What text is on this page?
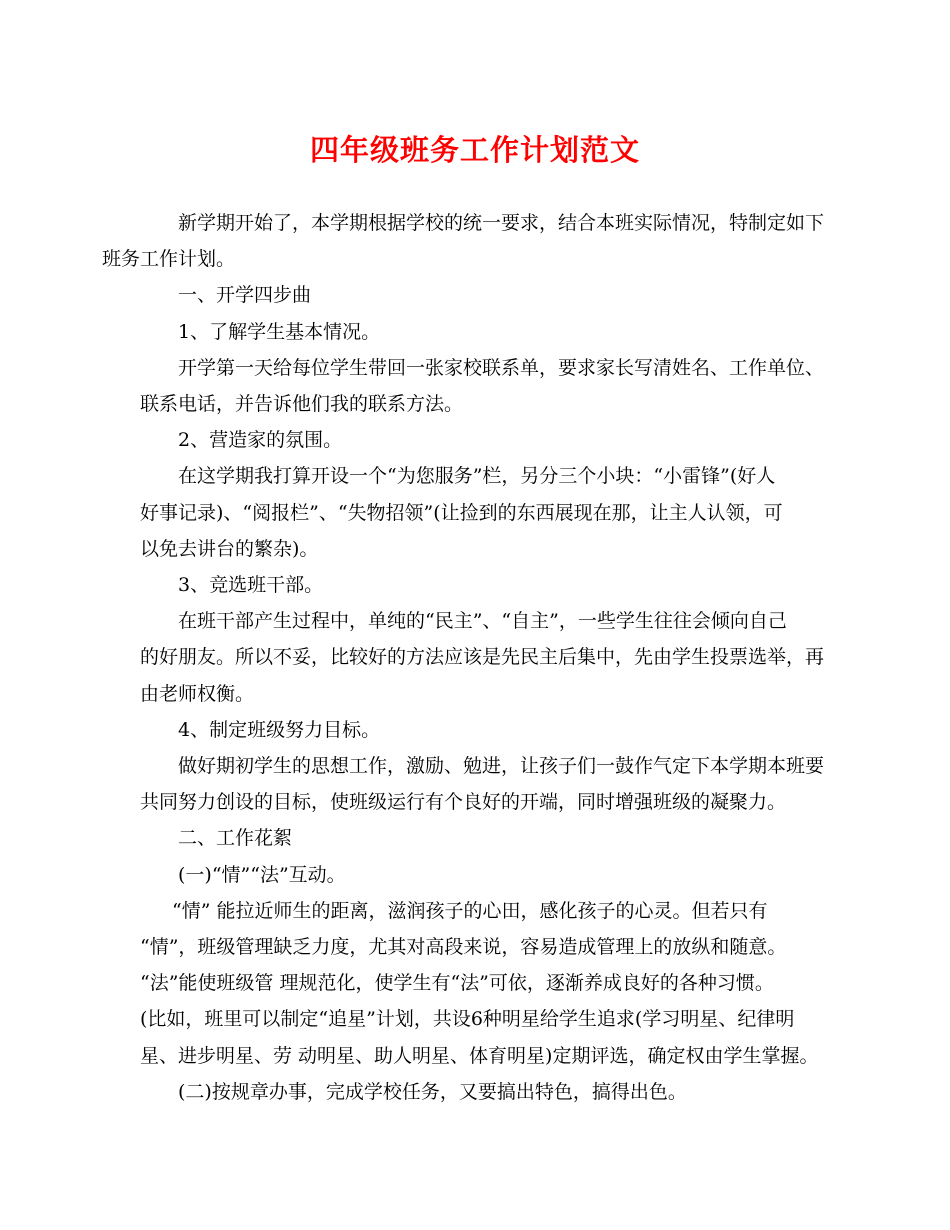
四年级班务工作计划范文

新学期开始了，本学期根据学校的统一要求，结合本班实际情况，特制定如下
班务工作计划。

一、开学四步曲

1、了解学生基本情况。

开学第一天给每位学生带回一张家校联系单，要求家长写清姓名、工作单位、
联系电话，并告诉他们我的联系方法。

2、营造家的氛围。

在这学期我打算开设一个“为您服务”栏，另分三个小块：“小雷锋”(好人
好事记录)、“阅报栏”、“失物招领”(让捡到的东西展现在那，让主人认领，可
以免去讲台的繁杂)。

3、竞选班干部。

在班干部产生过程中，单纯的“民主”、“自主”，一些学生往往会倾向自己
的好朋友。所以不妥，比较好的方法应该是先民主后集中，先由学生投票选举，再
由老师权衡。

4、制定班级努力目标。

做好期初学生的思想工作，激励、勉进，让孩子们一鼓作气定下本学期本班要
共同努力创设的目标，使班级运行有个良好的开端，同时增强班级的凝聚力。

二、工作花絮

(一)“情”“法”互动。

“情” 能拉近师生的距离，滋润孩子的心田，感化孩子的心灵。但若只有
“情”，班级管理缺乏力度，尤其对高段来说，容易造成管理上的放纵和随意。
“法”能使班级管 理规范化，使学生有“法”可依，逐渐养成良好的各种习惯。
(比如，班里可以制定“追星”计划，共设6种明星给学生追求(学习明星、纪律明
星、进步明星、劳 动明星、助人明星、体育明星)定期评选，确定权由学生掌握。

(二)按规章办事，完成学校任务，又要搞出特色，搞得出色。
